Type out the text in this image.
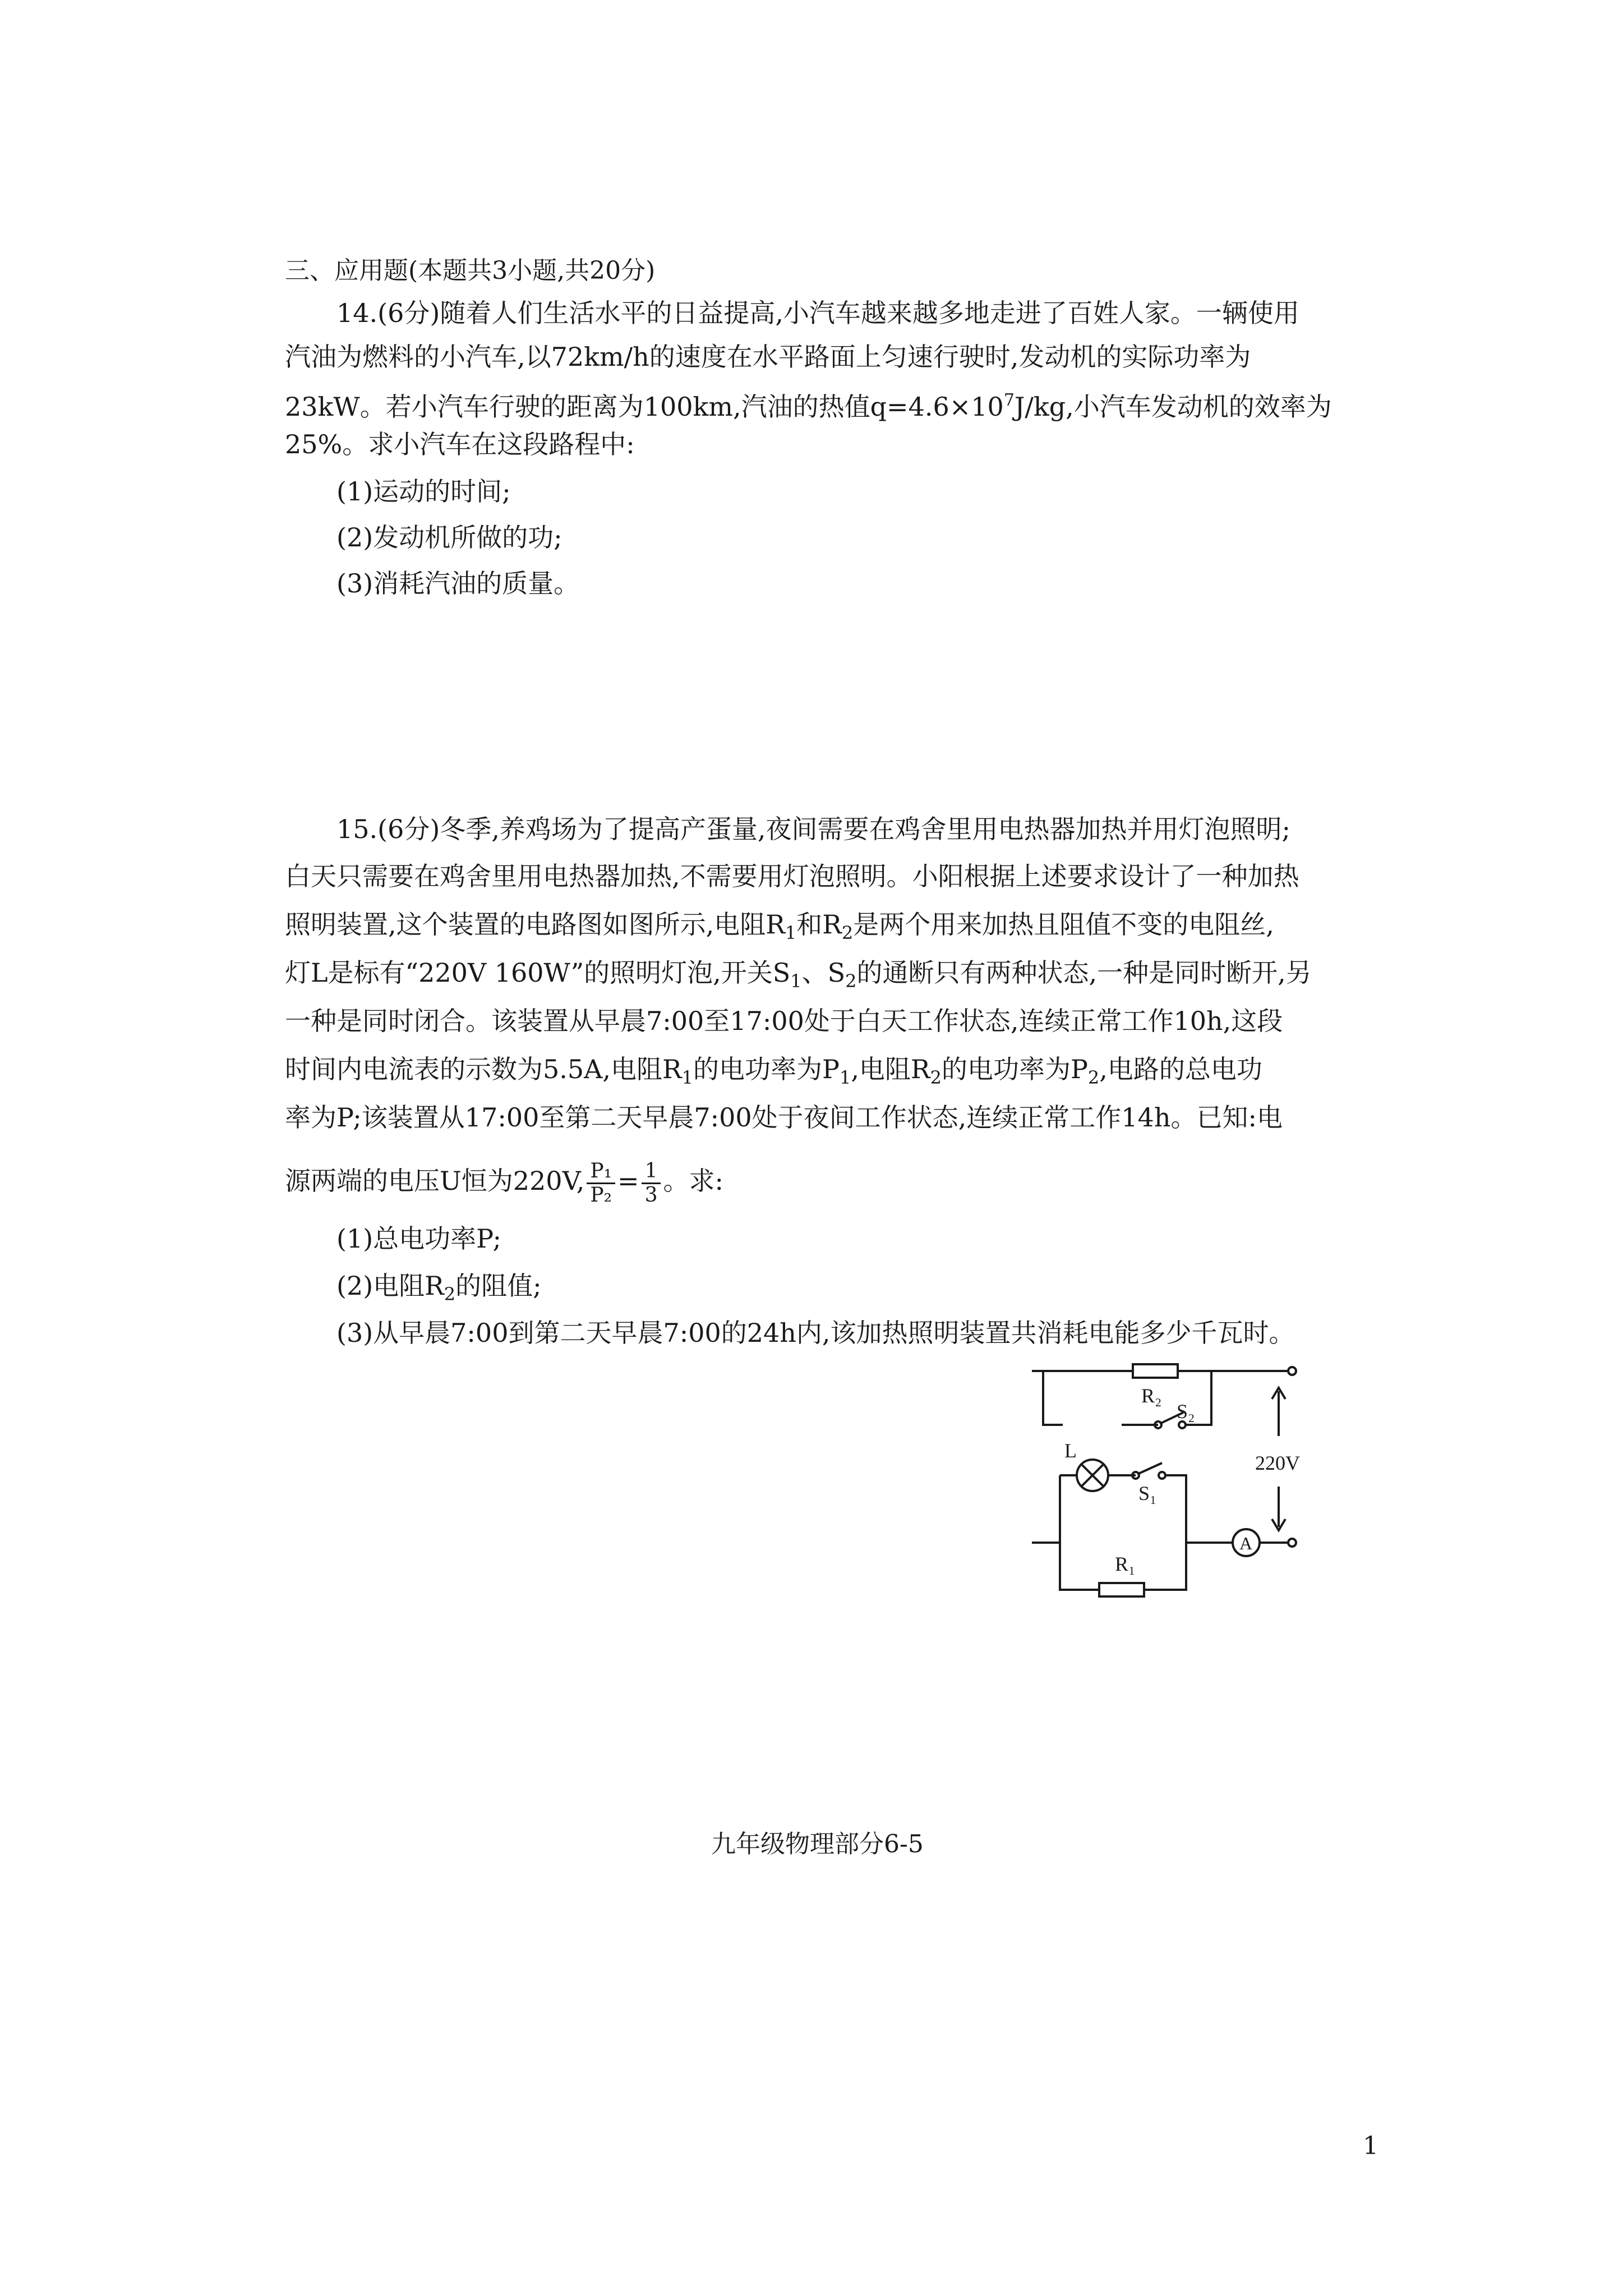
三、应用题(本题共3小题,共20分)
14.(6分)随着人们生活水平的日益提高,小汽车越来越多地走进了百姓人家。一辆使用
汽油为燃料的小汽车,以72km/h的速度在水平路面上匀速行驶时,发动机的实际功率为
23kW。若小汽车行驶的距离为100km,汽油的热值$q=4.6\times 10^7J/kg$,小汽车发动机的效率为
25%。求小汽车在这段路程中:
(1)运动的时间;
(2)发动机所做的功;
(3)消耗汽油的质量。
15.(6分)冬季,养鸡场为了提高产蛋量,夜间需要在鸡舍里用电热器加热并用灯泡照明;
白天只需要在鸡舍里用电热器加热,不需要用灯泡照明。小阳根据上述要求设计了一种加热
照明装置,这个装置的电路图如图所示,电阻$R_1$和$R_2$是两个用来加热且阻值不变的电阻丝,
灯L是标有“220V 160W”的照明灯泡,开关$S_1$、$S_2$的通断只有两种状态,一种是同时断开,另
一种是同时闭合。该装置从早晨7:00至17:00处于白天工作状态,连续正常工作10h,这段
时间内电流表的示数为5.5A,电阻$R_1$的电功率为$P_1$,电阻$R_2$的电功率为$P_2$,电路的总电功
率为P;该装置从17:00至第二天早晨7:00处于夜间工作状态,连续正常工作14h。已知:电
源两端的电压U恒为220V, $\frac{\text{P₁}}{\text{P₂}} = \frac{1}{3}$ 。求:
(1)总电功率P;
(2)电阻$R_2$的阻值;
(3)从早晨7:00到第二天早晨7:00的24h内,该加热照明装置共消耗电能多少千瓦时。
R₂
S₂
L
S₁
R₁
A
220V
九年级物理部分6-5
1
